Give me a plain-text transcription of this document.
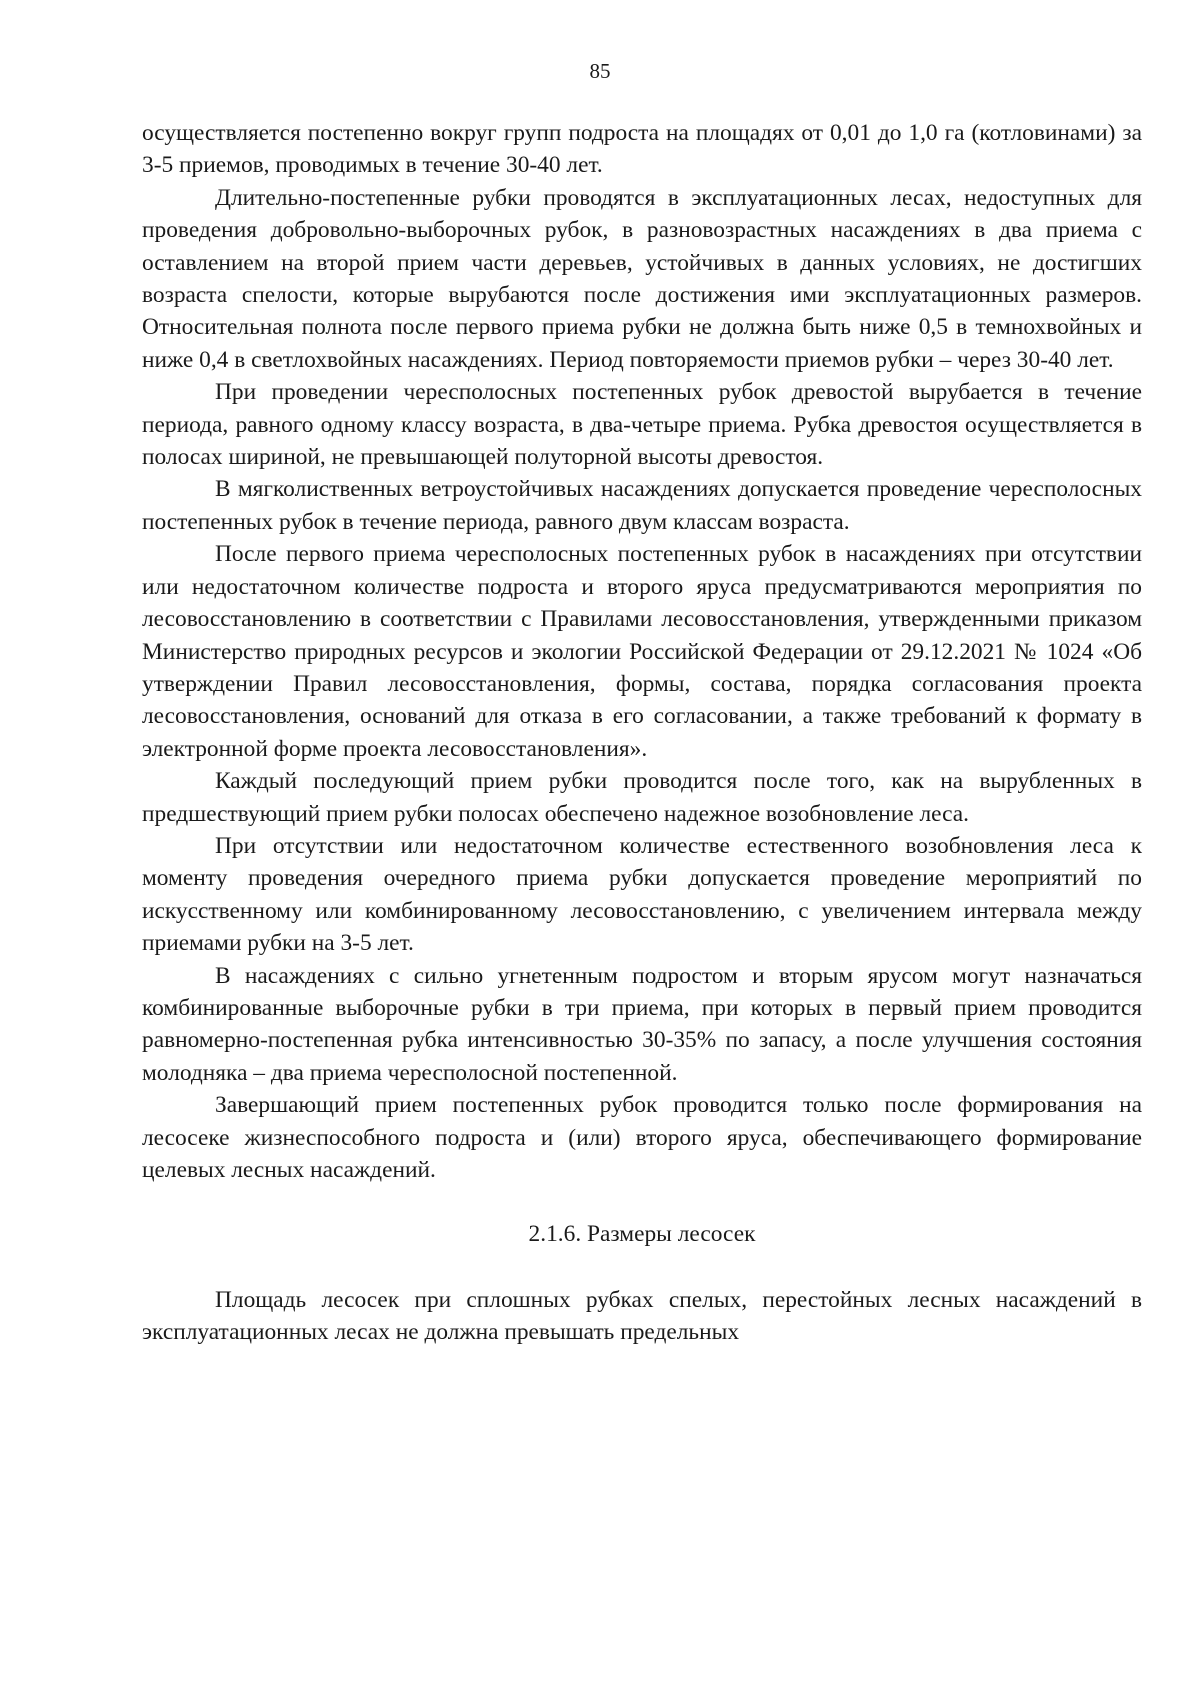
85

осуществляется постепенно вокруг групп подроста на площадях от 0,01 до 1,0 га (котловинами) за 3-5 приемов, проводимых в течение 30-40 лет.

Длительно-постепенные рубки проводятся в эксплуатационных лесах, недоступных для проведения добровольно-выборочных рубок, в разновозрастных насаждениях в два приема с оставлением на второй прием части деревьев, устойчивых в данных условиях, не достигших возраста спелости, которые вырубаются после достижения ими эксплуатационных размеров. Относительная полнота после первого приема рубки не должна быть ниже 0,5 в темнохвойных и ниже 0,4 в светлохвойных насаждениях. Период повторяемости приемов рубки – через 30-40 лет.

При проведении чересполосных постепенных рубок древостой вырубается в течение периода, равного одному классу возраста, в два-четыре приема. Рубка древостоя осуществляется в полосах шириной, не превышающей полуторной высоты древостоя.

В мягколиственных ветроустойчивых насаждениях допускается проведение чересполосных постепенных рубок в течение периода, равного двум классам возраста.

После первого приема чересполосных постепенных рубок в насаждениях при отсутствии или недостаточном количестве подроста и второго яруса предусматриваются мероприятия по лесовосстановлению в соответствии с Правилами лесовосстановления, утвержденными приказом Министерство природных ресурсов и экологии Российской Федерации от 29.12.2021 № 1024 «Об утверждении Правил лесовосстановления, формы, состава, порядка согласования проекта лесовосстановления, оснований для отказа в его согласовании, а также требований к формату в электронной форме проекта лесовосстановления».

Каждый последующий прием рубки проводится после того, как на вырубленных в предшествующий прием рубки полосах обеспечено надежное возобновление леса.

При отсутствии или недостаточном количестве естественного возобновления леса к моменту проведения очередного приема рубки допускается проведение мероприятий по искусственному или комбинированному лесовосстановлению, с увеличением интервала между приемами рубки на 3-5 лет.

В насаждениях с сильно угнетенным подростом и вторым ярусом могут назначаться комбинированные выборочные рубки в три приема, при которых в первый прием проводится равномерно-постепенная рубка интенсивностью 30-35% по запасу, а после улучшения состояния молодняка – два приема чересполосной постепенной.

Завершающий прием постепенных рубок проводится только после формирования на лесосеке жизнеспособного подроста и (или) второго яруса, обеспечивающего формирование целевых лесных насаждений.

2.1.6. Размеры лесосек

Площадь лесосек при сплошных рубках спелых, перестойных лесных насаждений в эксплуатационных лесах не должна превышать предельных
